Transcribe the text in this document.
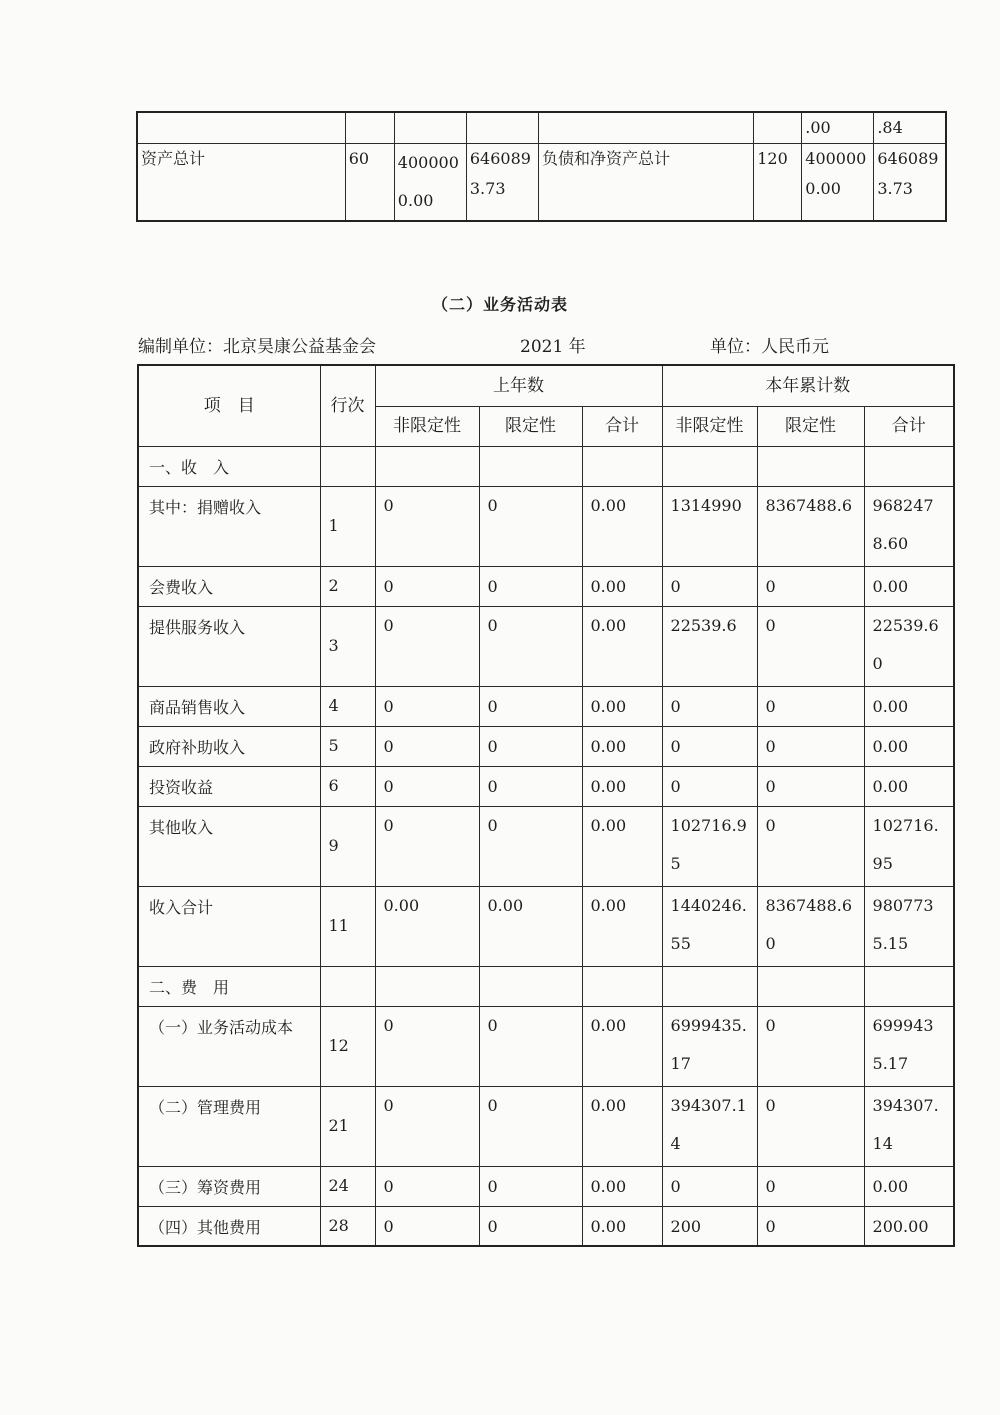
						.00	.84
资产总计	60	4000000.00	6460893.73	负债和净资产总计	120	4000000.00	6460893.73
（二）业务活动表
编制单位：北京昊康公益基金会	2021 年	单位：人民币元
项　目	行次	上年数			本年累计数		
		非限定性	限定性	合计	非限定性	限定性	合计
一、收　入							
其中：捐赠收入	1	0	0	0.00	1314990	8367488.6	9682478.60
会费收入	2	0	0	0.00	0	0	0.00
提供服务收入	3	0	0	0.00	22539.6	0	22539.60
商品销售收入	4	0	0	0.00	0	0	0.00
政府补助收入	5	0	0	0.00	0	0	0.00
投资收益	6	0	0	0.00	0	0	0.00
其他收入	9	0	0	0.00	102716.95	0	102716.95
收入合计	11	0.00	0.00	0.00	1440246.55	8367488.60	9807735.15
二、费　用							
（一）业务活动成本	12	0	0	0.00	6999435.17	0	6999435.17
（二）管理费用	21	0	0	0.00	394307.14	0	394307.14
（三）筹资费用	24	0	0	0.00	0	0	0.00
（四）其他费用	28	0	0	0.00	200	0	200.00
